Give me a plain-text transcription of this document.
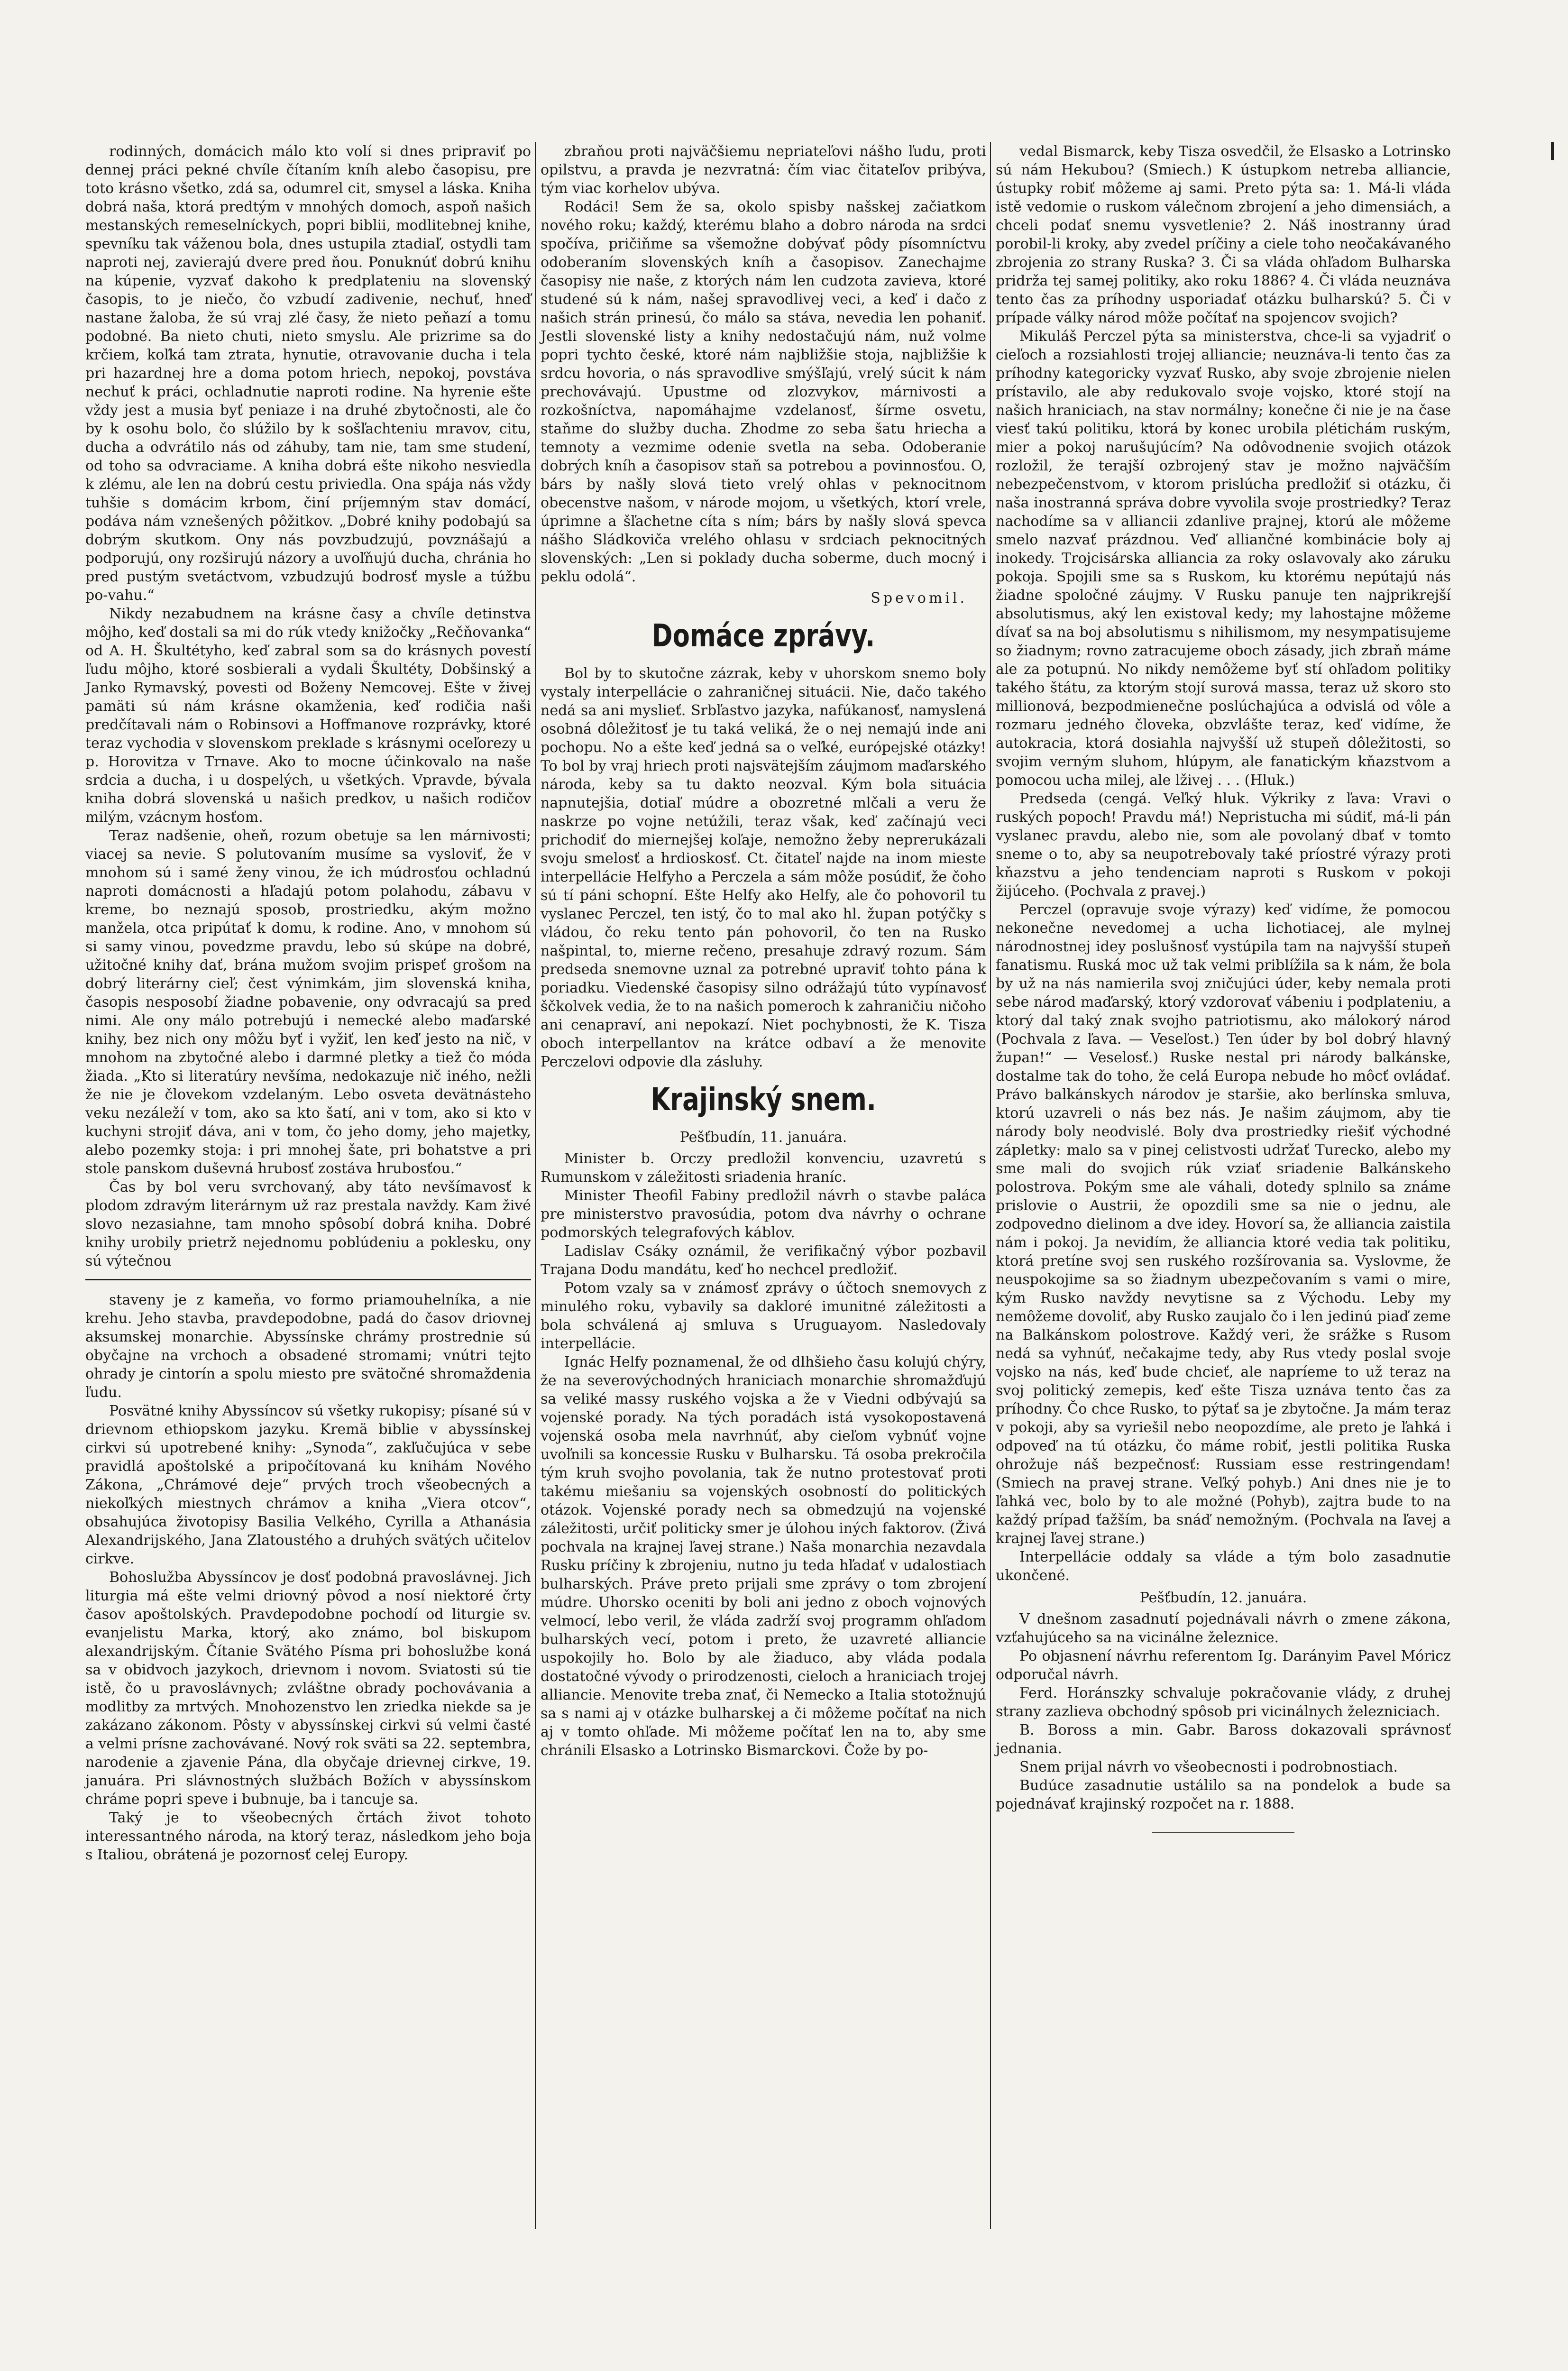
rodinných, domácich málo kto volí si dnes pripraviť po dennej práci pekné chvíle čítaním kníh alebo časopisu, pre toto krásno všetko, zdá sa, odumrel cit, smysel a láska. Kniha dobrá naša, ktorá predtým v mnohých domoch, aspoň našich mestanských remeselníckych, popri biblii, modlitebnej knihe, spevníku tak váženou bola, dnes ustupila ztadiaľ, ostydli tam naproti nej, zavierajú dvere pred ňou. Ponuknúť dobrú knihu na kúpenie, vyzvať dakoho k predplateniu na slovenský časopis, to je niečo, čo vzbudí zadivenie, nechuť, hneď nastane žaloba, že sú vraj zlé časy, že nieto peňazí a tomu podobné. Ba nieto chuti, nieto smyslu. Ale prizrime sa do krčiem, koľká tam ztrata, hynutie, otravovanie ducha i tela pri hazardnej hre a doma potom hriech, nepokoj, povstáva nechuť k práci, ochladnutie naproti rodine. Na hyrenie ešte vždy jest a musia byť peniaze i na druhé zbytočnosti, ale čo by k osohu bolo, čo slúžilo by k sošľachteniu mravov, citu, ducha a odvrátilo nás od záhuby, tam nie, tam sme studení, od toho sa odvraciame. A kniha dobrá ešte nikoho nesviedla k zlému, ale len na dobrú cestu priviedla. Ona spája nás vždy tuhšie s domácim krbom, činí príjemným stav domácí, podáva nám vznešených pôžitkov. „Dobré knihy podobajú sa dobrým skutkom. Ony nás povzbudzujú, povznášajú a podporujú, ony rozširujú názory a uvoľňujú ducha, chránia ho pred pustým svetáctvom, vzbudzujú bodrosť mysle a túžbu po-vahu.“

Nikdy nezabudnem na krásne časy a chvíle detinstva môjho, keď dostali sa mi do rúk vtedy knižočky „Rečňovanka“ od A. H. Škultétyho, keď zabral som sa do krásnych povestí ľudu môjho, ktoré sosbierali a vydali Škultéty, Dobšinský a Janko Rymavský, povesti od Boženy Nemcovej. Ešte v živej pamäti sú nám krásne okamženia, keď rodičia naši predčítavali nám o Robinsovi a Hoffmanove rozprávky, ktoré teraz vychodia v slovenskom preklade s krásnymi oceľorezy u p. Horovitza v Trnave. Ako to mocne účinkovalo na naše srdcia a ducha, i u dospelých, u všetkých. Vpravde, bývala kniha dobrá slovenská u našich predkov, u našich rodičov milým, vzácnym hosťom.

Teraz nadšenie, oheň, rozum obetuje sa len márnivosti; viacej sa nevie. S polutovaním musíme sa vysloviť, že v mnohom sú i samé ženy vinou, že ich múdrosťou ochladnú naproti domácnosti a hľadajú potom polahodu, zábavu v kreme, bo neznajú sposob, prostriedku, akým možno manžela, otca pripútať k domu, k rodine. Ano, v mnohom sú si samy vinou, povedzme pravdu, lebo sú skúpe na dobré, užitočné knihy dať, brána mužom svojim prispeť grošom na dobrý literárny cieľ; čest výnimkám, jim slovenská kniha, časopis nesposobí žiadne pobavenie, ony odvracajú sa pred nimi. Ale ony málo potrebujú i nemecké alebo maďarské knihy, bez nich ony môžu byť i vyžiť, len keď jesto na nič, v mnohom na zbytočné alebo i darmné pletky a tiež čo móda žiada. „Kto si literatúry nevšíma, nedokazuje nič iného, nežli že nie je človekom vzdelaným. Lebo osveta devätnásteho veku nezáleží v tom, ako sa kto šatí, ani v tom, ako si kto v kuchyni strojiť dáva, ani v tom, čo jeho domy, jeho majetky, alebo pozemky stoja: i pri mnohej šate, pri bohatstve a pri stole panskom duševná hrubosť zostáva hrubosťou.“

Čas by bol veru svrchovaný, aby táto nevšímavosť k plodom zdravým literárnym už raz prestala navždy. Kam živé slovo nezasiahne, tam mnoho spôsobí dobrá kniha. Dobré knihy urobily prietrž nejednomu poblúdeniu a poklesku, ony sú výtečnou

staveny je z kameňa, vo formo priamouhelníka, a nie krehu. Jeho stavba, pravdepodobne, padá do časov driovnej aksumskej monarchie. Abyssínske chrámy prostrednie sú obyčajne na vrchoch a obsadené stromami; vnútri tejto ohrady je cintorín a spolu miesto pre svätočné shromaždenia ľudu.

Posvätné knihy Abyssíncov sú všetky rukopisy; písané sú v drievnom ethiopskom jazyku. Kremä biblie v abyssínskej cirkvi sú upotrebené knihy: „Synoda“, zakľučujúca v sebe pravidlá apoštolské a pripočítovaná ku knihám Nového Zákona, „Chrámové deje“ prvých troch všeobecných a niekoľkých miestnych chrámov a kniha „Viera otcov“, obsahujúca životopisy Basilia Velkého, Cyrilla a Athanásia Alexandrijského, Jana Zlatoustého a druhých svätých učitelov cirkve.

Bohoslužba Abyssíncov je dosť podobná pravoslávnej. Jich liturgia má ešte velmi driovný pôvod a nosí niektoré črty časov apoštolských. Pravdepodobne pochodí od liturgie sv. evanjelistu Marka, ktorý, ako známo, bol biskupom alexandrijským. Čítanie Svätého Písma pri bohoslužbe koná sa v obidvoch jazykoch, drievnom i novom. Sviatosti sú tie istě, čo u pravoslávnych; zvláštne obrady pochovávania a modlitby za mrtvých. Mnohozenstvo len zriedka niekde sa je zakázano zákonom. Pôsty v abyssínskej cirkvi sú velmi časté a velmi prísne zachovávané. Nový rok sväti sa 22. septembra, narodenie a zjavenie Pána, dla obyčaje drievnej cirkve, 19. januára. Pri slávnostných službách Božích v abyssínskom chráme popri speve i bubnuje, ba i tancuje sa.

Taký je to všeobecných črtách život tohoto interessantného národa, na ktorý teraz, následkom jeho boja s Italiou, obrátená je pozornosť celej Europy.

zbraňou proti najväčšiemu nepriateľovi nášho ľudu, proti opilstvu, a pravda je nezvratná: čím viac čitateľov pribýva, tým viac korhelov ubýva.

Rodáci! Sem že sa, okolo spisby našskej začiatkom nového roku; každý, kterému blaho a dobro národa na srdci spočíva, pričiňme sa všemožne dobývať pôdy písomníctvu odoberaním slovenských kníh a časopisov. Zanechajme časopisy nie naše, z ktorých nám len cudzota zavieva, ktoré studené sú k nám, našej spravodlivej veci, a keď i dačo z našich strán prinesú, čo málo sa stáva, nevedia len pohaniť. Jestli slovenské listy a knihy nedostačujú nám, nuž volme popri tychto české, ktoré nám najbližšie stoja, najbližšie k srdcu hovoria, o nás spravodlive smýšľajú, vrelý súcit k nám prechovávajú. Upustme od zlozvykov, márnivosti a rozkošníctva, napomáhajme vzdelanosť, šírme osvetu, staňme do služby ducha. Zhodme zo seba šatu hriecha a temnoty a vezmime odenie svetla na seba. Odoberanie dobrých kníh a časopisov staň sa potrebou a povinnosťou. O, bárs by našly slová tieto vrelý ohlas v peknocitnom obecenstve našom, v národe mojom, u všetkých, ktorí vrele, úprimne a šľachetne cíta s ním; bárs by našly slová spevca nášho Sládkoviča vrelého ohlasu v srdciach peknocitných slovenských: „Len si poklady ducha soberme, duch mocný i peklu odolá“.

Spevomil.
Domáce zprávy.

Bol by to skutočne zázrak, keby v uhorskom snemo boly vystaly interpellácie o zahraničnej situácii. Nie, dačo takého nedá sa ani myslieť. Srbľastvo jazyka, nafúkanosť, namyslená osobná dôležitosť je tu taká veliká, že o nej nemajú inde ani pochopu. No a ešte keď jedná sa o veľké, európejské otázky! To bol by vraj hriech proti najsvätejším záujmom maďarského národa, keby sa tu dakto neozval. Kým bola situácia napnutejšia, dotiaľ múdre a obozretné mlčali a veru že naskrze po vojne netúžili, teraz však, keď začínajú veci prichodiť do miernejšej koľaje, nemožno žeby neprerukázali svoju smelosť a hrdioskosť. Ct. čitateľ najde na inom mieste interpellácie Helfyho a Perczela a sám môže posúdiť, že čoho sú tí páni schopní. Ešte Helfy ako Helfy, ale čo pohovoril tu vyslanec Perczel, ten istý, čo to mal ako hl. župan potýčky s vládou, čo reku tento pán pohovoril, čo ten na Rusko našpintal, to, mierne rečeno, presahuje zdravý rozum. Sám predseda snemovne uznal za potrebné upraviť tohto pána k poriadku. Viedenské časopisy silno odrážajú túto vypínavosť ščkolvek vedia, že to na našich pomeroch k zahraničiu ničoho ani cenapraví, ani nepokazí. Niet pochybnosti, že K. Tisza oboch interpellantov na krátce odbaví a že menovite Perczelovi odpovie dla zásluhy.

Krajinský snem.
Pešťbudín, 11. januára.

Minister b. Orczy predložil konvenciu, uzavretú s Rumunskom v záležitosti sriadenia hraníc.

Minister Theofil Fabiny predložil návrh o stavbe paláca pre ministerstvo pravosúdia, potom dva návrhy o ochrane podmorských telegrafových káblov.

Ladislav Csáky oznámil, že verifikačný výbor pozbavil Trajana Dodu mandátu, keď ho nechcel predložiť.

Potom vzaly sa v známosť zprávy o účtoch snemovych z minulého roku, vybavily sa dakloré imunitné záležitosti a bola schválená aj smluva s Uruguayom. Nasledovaly interpellácie.

Ignác Helfy poznamenal, že od dlhšieho času kolujú chýry, že na severovýchodných hraniciach monarchie shromažďujú sa veliké massy ruského vojska a že v Viedni odbývajú sa vojenské porady. Na tých poradách istá vysokopostavená vojenská osoba mela navrhnúť, aby cieľom vybnúť vojne uvoľnili sa koncessie Rusku v Bulharsku. Tá osoba prekročila tým kruh svojho povolania, tak že nutno protestovať proti takému miešaniu sa vojenských osobností do politických otázok. Vojenské porady nech sa obmedzujú na vojenské záležitosti, určiť politicky smer je úlohou iných faktorov. (Živá pochvala na krajnej ľavej strane.) Naša monarchia nezavdala Rusku príčiny k zbrojeniu, nutno ju teda hľadať v udalostiach bulharských. Práve preto prijali sme zprávy o tom zbrojení múdre. Uhorsko oceniti by boli ani jedno z oboch vojnových velmocí, lebo veril, že vláda zadrží svoj programm ohľadom bulharských vecí, potom i preto, že uzavreté alliancie uspokojily ho. Bolo by ale žiaduco, aby vláda podala dostatočné vývody o prirodzenosti, cieloch a hraniciach trojej alliancie. Menovite treba znať, či Nemecko a Italia stotožnujú sa s nami aj v otázke bulharskej a či môžeme počítať na nich aj v tomto ohľade. Mi môžeme počítať len na to, aby sme chránili Elsasko a Lotrinsko Bismarckovi. Čože by po-

vedal Bismarck, keby Tisza osvedčil, že Elsasko a Lotrinsko sú nám Hekubou? (Smiech.) K ústupkom netreba alliancie, ústupky robiť môžeme aj sami. Preto pýta sa: 1. Má-li vláda istě vedomie o ruskom válečnom zbrojení a jeho dimensiách, a chceli podať snemu vysvetlenie? 2. Náš inostranny úrad porobil-li kroky, aby zvedel príčiny a ciele toho neočakávaného zbrojenia zo strany Ruska? 3. Či sa vláda ohľadom Bulharska pridrža tej samej politiky, ako roku 1886? 4. Či vláda neuznáva tento čas za príhodny usporiadať otázku bulharskú? 5. Či v prípade války národ môže počítať na spojencov svojich?

Mikuláš Perczel pýta sa ministerstva, chce-li sa vyjadriť o cieľoch a rozsiahlosti trojej alliancie; neuznáva-li tento čas za príhodny kategoricky vyzvať Rusko, aby svoje zbrojenie nielen prístavilo, ale aby redukovalo svoje vojsko, ktoré stojí na našich hraniciach, na stav normálny; konečne či nie je na čase viesť takú politiku, ktorá by konec urobila plétichám ruským, mier a pokoj narušujúcím? Na odôvodnenie svojich otázok rozložil, že terajší ozbrojený stav je možno najväčším nebezpečenstvom, v ktorom prislúcha predložiť si otázku, či naša inostranná správa dobre vyvolila svoje prostriedky? Teraz nachodíme sa v alliancii zdanlive prajnej, ktorú ale môžeme smelo nazvať prázdnou. Veď alliančné kombinácie boly aj inokedy. Trojcisárska alliancia za roky oslavovaly ako záruku pokoja. Spojili sme sa s Ruskom, ku ktorému nepútajú nás žiadne spoločné záujmy. V Rusku panuje ten najprikrejší absolutismus, aký len existoval kedy; my lahostajne môžeme dívať sa na boj absolutismu s nihilismom, my nesympatisujeme so žiadnym; rovno zatracujeme oboch zásady, jich zbraň máme ale za potupnú. No nikdy nemôžeme byť stí ohľadom politiky takého štátu, za ktorým stojí surová massa, teraz už skoro sto millionová, bezpodmienečne poslúchajúca a odvislá od vôle a rozmaru jedného človeka, obzvlášte teraz, keď vidíme, že autokracia, ktorá dosiahla najvyšší už stupeň dôležitosti, so svojim verným sluhom, hlúpym, ale fanatickým kňazstvom a pomocou ucha milej, ale lživej . . . (Hluk.)

Predseda (cengá. Veľký hluk. Výkriky z ľava: Vravi o ruských popoch! Pravdu má!) Nepristucha mi súdiť, má-li pán vyslanec pravdu, alebo nie, som ale povolaný dbať v tomto sneme o to, aby sa neupotrebovaly také príostré výrazy proti kňazstvu a jeho tendenciam naproti s Ruskom v pokoji žijúceho. (Pochvala z pravej.)

Perczel (opravuje svoje výrazy) keď vidíme, že pomocou nekonečne nevedomej a ucha lichotiacej, ale mylnej národnostnej idey poslušnosť vystúpila tam na najvyšší stupeň fanatismu. Ruská moc už tak velmi priblížila sa k nám, že bola by už na nás namierila svoj zničujúci úder, keby nemala proti sebe národ maďarský, ktorý vzdorovať vábeniu i podplateniu, a ktorý dal taký znak svojho patriotismu, ako málokorý národ (Pochvala z ľava. — Veseľost.) Ten úder by bol dobrý hlavný župan!“ — Veselosť.) Ruske nestal pri národy balkánske, dostalme tak do toho, že celá Europa nebude ho môcť ovládať. Právo balkánskych národov je staršie, ako berlínska smluva, ktorú uzavreli o nás bez nás. Je našim záujmom, aby tie národy boly neodvislé. Boly dva prostriedky riešiť východné zápletky: malo sa v pinej celistvosti udržať Turecko, alebo my sme mali do svojich rúk vziať sriadenie Balkánskeho polostrova. Pokým sme ale váhali, dotedy splnilo sa známe prislovie o Austrii, že opozdili sme sa nie o jednu, ale zodpovedno dielinom a dve idey. Hovorí sa, že alliancia zaistila nám i pokoj. Ja nevidím, že alliancia ktoré vedia tak politiku, ktorá pretíne svoj sen ruského rozšírovania sa. Vyslovme, že neuspokojime sa so žiadnym ubezpečovaním s vami o mire, kým Rusko navždy nevytisne sa z Východu. Leby my nemôžeme dovoliť, aby Rusko zaujalo čo i len jedinú piaď zeme na Balkánskom polostrove. Každý veri, že srážke s Rusom nedá sa vyhnúť, nečakajme tedy, aby Rus vtedy poslal svoje vojsko na nás, keď bude chcieť, ale napríeme to už teraz na svoj politický zemepis, keď ešte Tisza uznáva tento čas za príhodny. Čo chce Rusko, to pýtať sa je zbytočne. Ja mám teraz v pokoji, aby sa vyriešil nebo neopozdíme, ale preto je ľahká i odpoveď na tú otázku, čo máme robiť, jestli politika Ruska ohrožuje náš bezpečnosť: Russiam esse restringendam! (Smiech na pravej strane. Veľký pohyb.) Ani dnes nie je to ľahká vec, bolo by to ale možné (Pohyb), zajtra bude to na každý prípad ťažším, ba snáď nemožným. (Pochvala na ľavej a krajnej ľavej strane.)

Interpellácie oddaly sa vláde a tým bolo zasadnutie ukončené.

Pešťbudín, 12. januára.

V dnešnom zasadnutí pojednávali návrh o zmene zákona, vzťahujúceho sa na vicinálne železnice.

Po objasnení návrhu referentom Ig. Darányim Pavel Móricz odporučal návrh.

Ferd. Horánszky schvaluje pokračovanie vlády, z druhej strany zazlieva obchodný spôsob pri vicinálnych železniciach.

B. Boross a min. Gabr. Baross dokazovali správnosť jednania.

Snem prijal návrh vo všeobecnosti i podrobnostiach.

Budúce zasadnutie ustálilo sa na pondelok a bude sa pojednávať krajinský rozpočet na r. 1888.
